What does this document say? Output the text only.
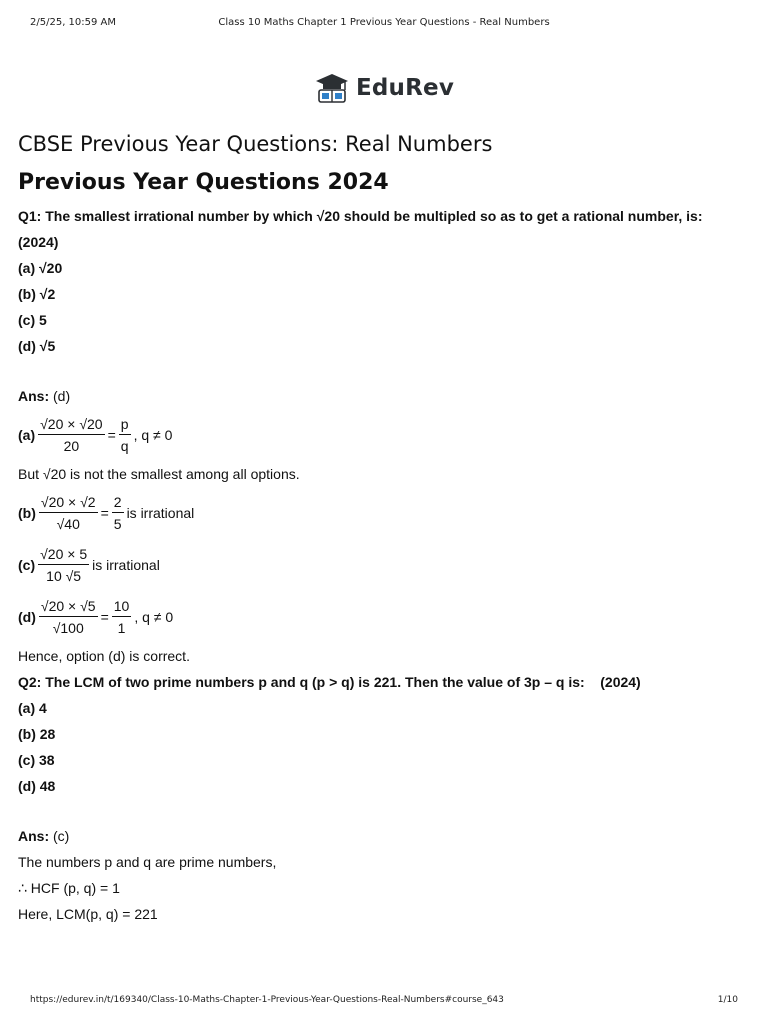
2/5/25, 10:59 AM	Class 10 Maths Chapter 1 Previous Year Questions - Real Numbers
EduRev
CBSE Previous Year Questions: Real Numbers
Previous Year Questions 2024
Q1: The smallest irrational number by which √20 should be multipled so as to get a rational number, is:
(2024)
(a) √20
(b) √2
(c) 5
(d) √5
Ans: (d)
$(a) \frac{√20 \times √20}{20} = \frac{p}{q}$ , q ≠ 0
But √20 is not the smallest among all options.
$(b) \frac{√20 \times √2}{√40} = \frac{2}{5}$ is irrational
$(c) \frac{√20 \times 5}{10 √5}$ is irrational
$(d) \frac{√20 \times √5}{√100} = \frac{10}{1}$ , q ≠ 0
Hence, option (d) is correct.
Q2: The LCM of two prime numbers p and q (p > q) is 221. Then the value of 3p – q is: (2024)
(a) 4
(b) 28
(c) 38
(d) 48
Ans: (c)
The numbers p and q are prime numbers,
∴ HCF (p, q) = 1
Here, LCM(p, q) = 221
https://edurev.in/t/169340/Class-10-Maths-Chapter-1-Previous-Year-Questions-Real-Numbers#course_643	1/10
